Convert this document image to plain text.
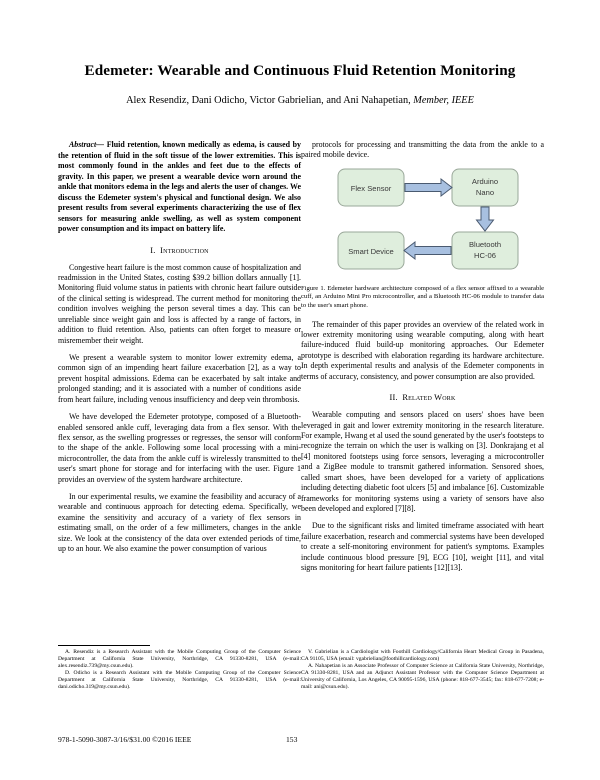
Edemeter: Wearable and Continuous Fluid Retention Monitoring
Alex Resendiz, Dani Odicho, Victor Gabrielian, and Ani Nahapetian, Member, IEEE
Abstract— Fluid retention, known medically as edema, is caused by the retention of fluid in the soft tissue of the lower extremities. This is most commonly found in the ankles and feet due to the effects of gravity. In this paper, we present a wearable device worn around the ankle that monitors edema in the legs and alerts the user of changes. We discuss the Edemeter system's physical and functional design. We also present results from several experiments characterizing the use of flex sensors for measuring ankle swelling, as well as system component power consumption and its impact on battery life.
I. Introduction

Congestive heart failure is the most common cause of hospitalization and readmission in the United States, costing $39.2 billion dollars annually [1]. Monitoring fluid volume status in patients with chronic heart failure outside of the clinical setting is widespread. The current method for monitoring the condition involves weighing the person several times a day. This can be unreliable since weight gain and loss is affected by a range of factors, in addition to fluid retention. Also, patients can often forget to measure or misremember their weight.

We present a wearable system to monitor lower extremity edema, a common sign of an impending heart failure exacerbation [2], as a way to prevent hospital admissions. Edema can be exacerbated by salt intake and prolonged standing; and it is associated with a number of conditions aside from heart failure, including venous insufficiency and deep vein thrombosis.

We have developed the Edemeter prototype, composed of a Bluetooth-enabled sensored ankle cuff, leveraging data from a flex sensor. With the flex sensor, as the swelling progresses or regresses, the sensor will conform to the shape of the ankle. Following some local processing with a mini-microcontroller, the data from the ankle cuff is wirelessly transmitted to the user's smart phone for storage and for interfacing with the user. Figure 1 provides an overview of the system hardware architecture.

In our experimental results, we examine the feasibility and accuracy of a wearable and continuous approach for detecting edema. Specifically, we examine the sensitivity and accuracy of a variety of flex sensors in estimating small, on the order of a few millimeters, changes in the ankle size. We look at the consistency of the data over extended periods of time, up to an hour. We also examine the power consumption of various

protocols for processing and transmitting the data from the ankle to a paired mobile device.

Flex Sensor
Arduino
Nano
Smart Device
Bluetooth
HC-06
Figure 1. Edemeter hardware architecture composed of a flex sensor affixed to a wearable cuff, an Arduino Mini Pro microcontroller, and a Bluetooth HC-06 module to transfer data to the user's smart phone.

The remainder of this paper provides an overview of the related work in lower extremity monitoring using wearable computing, along with heart failure-induced fluid build-up monitoring approaches. Our Edemeter prototype is described with elaboration regarding its hardware architecture. In depth experimental results and analysis of the Edemeter components in terms of accuracy, consistency, and power consumption are also provided.

II. Related Work

Wearable computing and sensors placed on users' shoes have been leveraged in gait and lower extremity monitoring in the research literature. For example, Hwang et al used the sound generated by the user's footsteps to recognize the terrain on which the user is walking on [3]. Donkrajang et al [4] monitored footsteps using force sensors, leveraging a microcontroller and a ZigBee module to transmit gathered information. Sensored shoes, called smart shoes, have been developed for a variety of applications including detecting diabetic foot ulcers [5] and imbalance [6]. Customizable frameworks for monitoring systems using a variety of sensors have also been developed and explored [7][8].

Due to the significant risks and limited timeframe associated with heart failure exacerbation, research and commercial systems have been developed to create a self-monitoring environment for patient's symptoms. Examples include continuous blood pressure [9], ECG [10], weight [11], and vital signs monitoring for heart failure patients [12][13].

A. Resendiz is a Research Assistant with the Mobile Computing Group of the Computer Science Department at California State University, Northridge, CA 91330-8281, USA (e-mail: alex.resendiz.739@my.csun.edu).

D. Odicho is a Research Assistant with the Mobile Computing Group of the Computer Science Department at California State University, Northridge, CA 91330-8281, USA (e-mail: dani.odicho.319@my.csun.edu).

V. Gabrielian is a Cardiologist with Foothill Cardiology/California Heart Medical Group in Pasadena, CA 91105, USA (email: vgabrielian@foothillcardiology.com)

A. Nahapetian is an Associate Professor of Computer Science at California State University, Northridge, CA 91330-8281, USA and an Adjunct Assistant Professor with the Computer Science Department at University of California, Los Angeles, CA 90095-1596, USA (phone: 818-677-3545; fax: 818-677-7208; e-mail: ani@csun.edu).

978-1-5090-3087-3/16/$31.00 ©2016 IEEE	153
